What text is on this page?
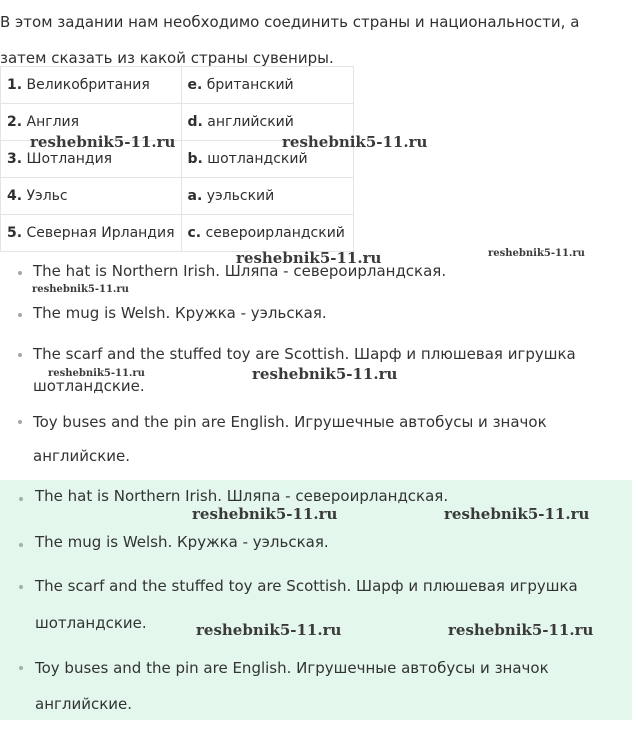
В этом задании нам необходимо соединить страны и национальности, а затем сказать из какой страны сувениры.
1. Великобритания	e. британский
2. Англия	d. английский
3. Шотландия	b. шотландский
4. Уэльс	a. уэльский
5. Северная Ирландия	c. североирландский
The hat is Northern Irish. Шляпа - североирландская.
The mug is Welsh. Кружка - уэльская.
The scarf and the stuffed toy are Scottish. Шарф и плюшевая игрушка шотландские.
Toy buses and the pin are English. Игрушечные автобусы и значок английские.
The hat is Northern Irish. Шляпа - североирландская.
The mug is Welsh. Кружка - уэльская.
The scarf and the stuffed toy are Scottish. Шарф и плюшевая игрушка шотландские.
Toy buses and the pin are English. Игрушечные автобусы и значок английские.
reshebnik5-11.ru	reshebnik5-11.ru
reshebnik5-11.ru	reshebnik5-11.ru
reshebnik5-11.ru
reshebnik5-11.ru	reshebnik5-11.ru
reshebnik5-11.ru	reshebnik5-11.ru
reshebnik5-11.ru	reshebnik5-11.ru
